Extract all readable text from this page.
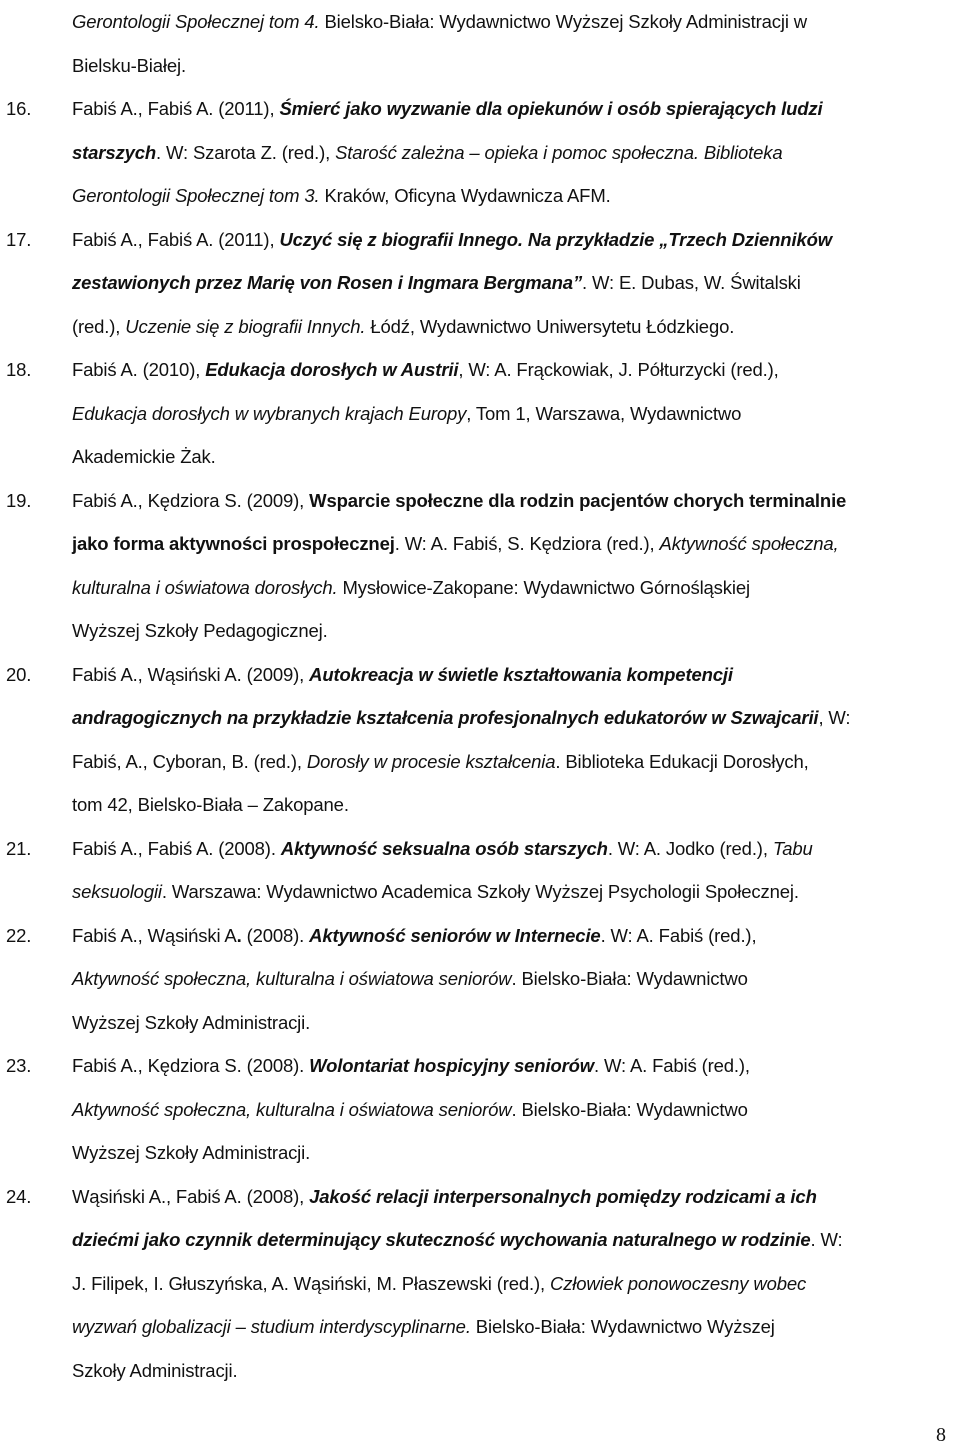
Gerontologii Społecznej tom 4. Bielsko-Biała: Wydawnictwo Wyższej Szkoły Administracji w
Bielsku-Białej.
16. Fabiś A., Fabiś A. (2011), Śmierć jako wyzwanie dla opiekunów i osób spierających ludzi
starszych. W: Szarota Z. (red.), Starość zależna – opieka i pomoc społeczna. Biblioteka
Gerontologii Społecznej tom 3. Kraków, Oficyna Wydawnicza AFM.
17. Fabiś A., Fabiś A. (2011), Uczyć się z biografii Innego. Na przykładzie „Trzech Dzienników
zestawionych przez Marię von Rosen i Ingmara Bergmana”. W: E. Dubas, W. Świtalski
(red.), Uczenie się z biografii Innych. Łódź, Wydawnictwo Uniwersytetu Łódzkiego.
18. Fabiś A. (2010), Edukacja dorosłych w Austrii, W: A. Frąckowiak, J. Półturzycki (red.),
Edukacja dorosłych w wybranych krajach Europy, Tom 1, Warszawa, Wydawnictwo
Akademickie Żak.
19. Fabiś A., Kędziora S. (2009), Wsparcie społeczne dla rodzin pacjentów chorych terminalnie
jako forma aktywności prospołecznej. W: A. Fabiś, S. Kędziora (red.), Aktywność społeczna,
kulturalna i oświatowa dorosłych. Mysłowice-Zakopane: Wydawnictwo Górnośląskiej
Wyższej Szkoły Pedagogicznej.
20. Fabiś A., Wąsiński A. (2009), Autokreacja w świetle kształtowania kompetencji
andragogicznych na przykładzie kształcenia profesjonalnych edukatorów w Szwajcarii, W:
Fabiś, A., Cyboran, B. (red.), Dorosły w procesie kształcenia. Biblioteka Edukacji Dorosłych,
tom 42, Bielsko-Biała – Zakopane.
21. Fabiś A., Fabiś A. (2008). Aktywność seksualna osób starszych. W: A. Jodko (red.), Tabu
seksuologii. Warszawa: Wydawnictwo Academica Szkoły Wyższej Psychologii Społecznej.
22. Fabiś A., Wąsiński A. (2008). Aktywność seniorów w Internecie. W: A. Fabiś (red.),
Aktywność społeczna, kulturalna i oświatowa seniorów. Bielsko-Biała: Wydawnictwo
Wyższej Szkoły Administracji.
23. Fabiś A., Kędziora S. (2008). Wolontariat hospicyjny seniorów. W: A. Fabiś (red.),
Aktywność społeczna, kulturalna i oświatowa seniorów. Bielsko-Biała: Wydawnictwo
Wyższej Szkoły Administracji.
24. Wąsiński A., Fabiś A. (2008), Jakość relacji interpersonalnych pomiędzy rodzicami a ich
dziećmi jako czynnik determinujący skuteczność wychowania naturalnego w rodzinie. W:
J. Filipek, I. Głuszyńska, A. Wąsiński, M. Płaszewski (red.), Człowiek ponowoczesny wobec
wyzwań globalizacji – studium interdyscyplinarne. Bielsko-Biała: Wydawnictwo Wyższej
Szkoły Administracji.
8
